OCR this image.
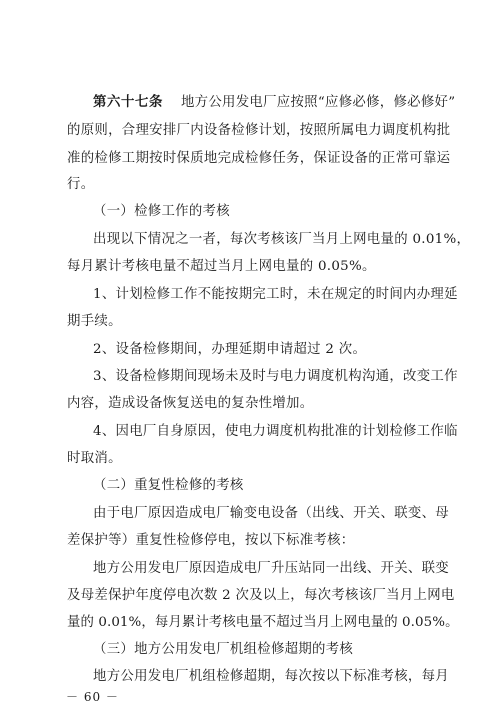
第六十七条 地方公用发电厂应按照“应修必修，修必修好”
的原则，合理安排厂内设备检修计划，按照所属电力调度机构批
准的检修工期按时保质地完成检修任务，保证设备的正常可靠运
行。
（一）检修工作的考核
出现以下情况之一者，每次考核该厂当月上网电量的 0.01%，
每月累计考核电量不超过当月上网电量的 0.05%。
1、计划检修工作不能按期完工时，未在规定的时间内办理延
期手续。
2、设备检修期间，办理延期申请超过 2 次。
3、设备检修期间现场未及时与电力调度机构沟通，改变工作
内容，造成设备恢复送电的复杂性增加。
4、因电厂自身原因，使电力调度机构批准的计划检修工作临
时取消。
（二）重复性检修的考核
由于电厂原因造成电厂输变电设备（出线、开关、联变、母
差保护等）重复性检修停电，按以下标准考核：
地方公用发电厂原因造成电厂升压站同一出线、开关、联变
及母差保护年度停电次数 2 次及以上，每次考核该厂当月上网电
量的 0.01%，每月累计考核电量不超过当月上网电量的 0.05%。
（三）地方公用发电厂机组检修超期的考核
地方公用发电厂机组检修超期，每次按以下标准考核，每月
－ 60 －
